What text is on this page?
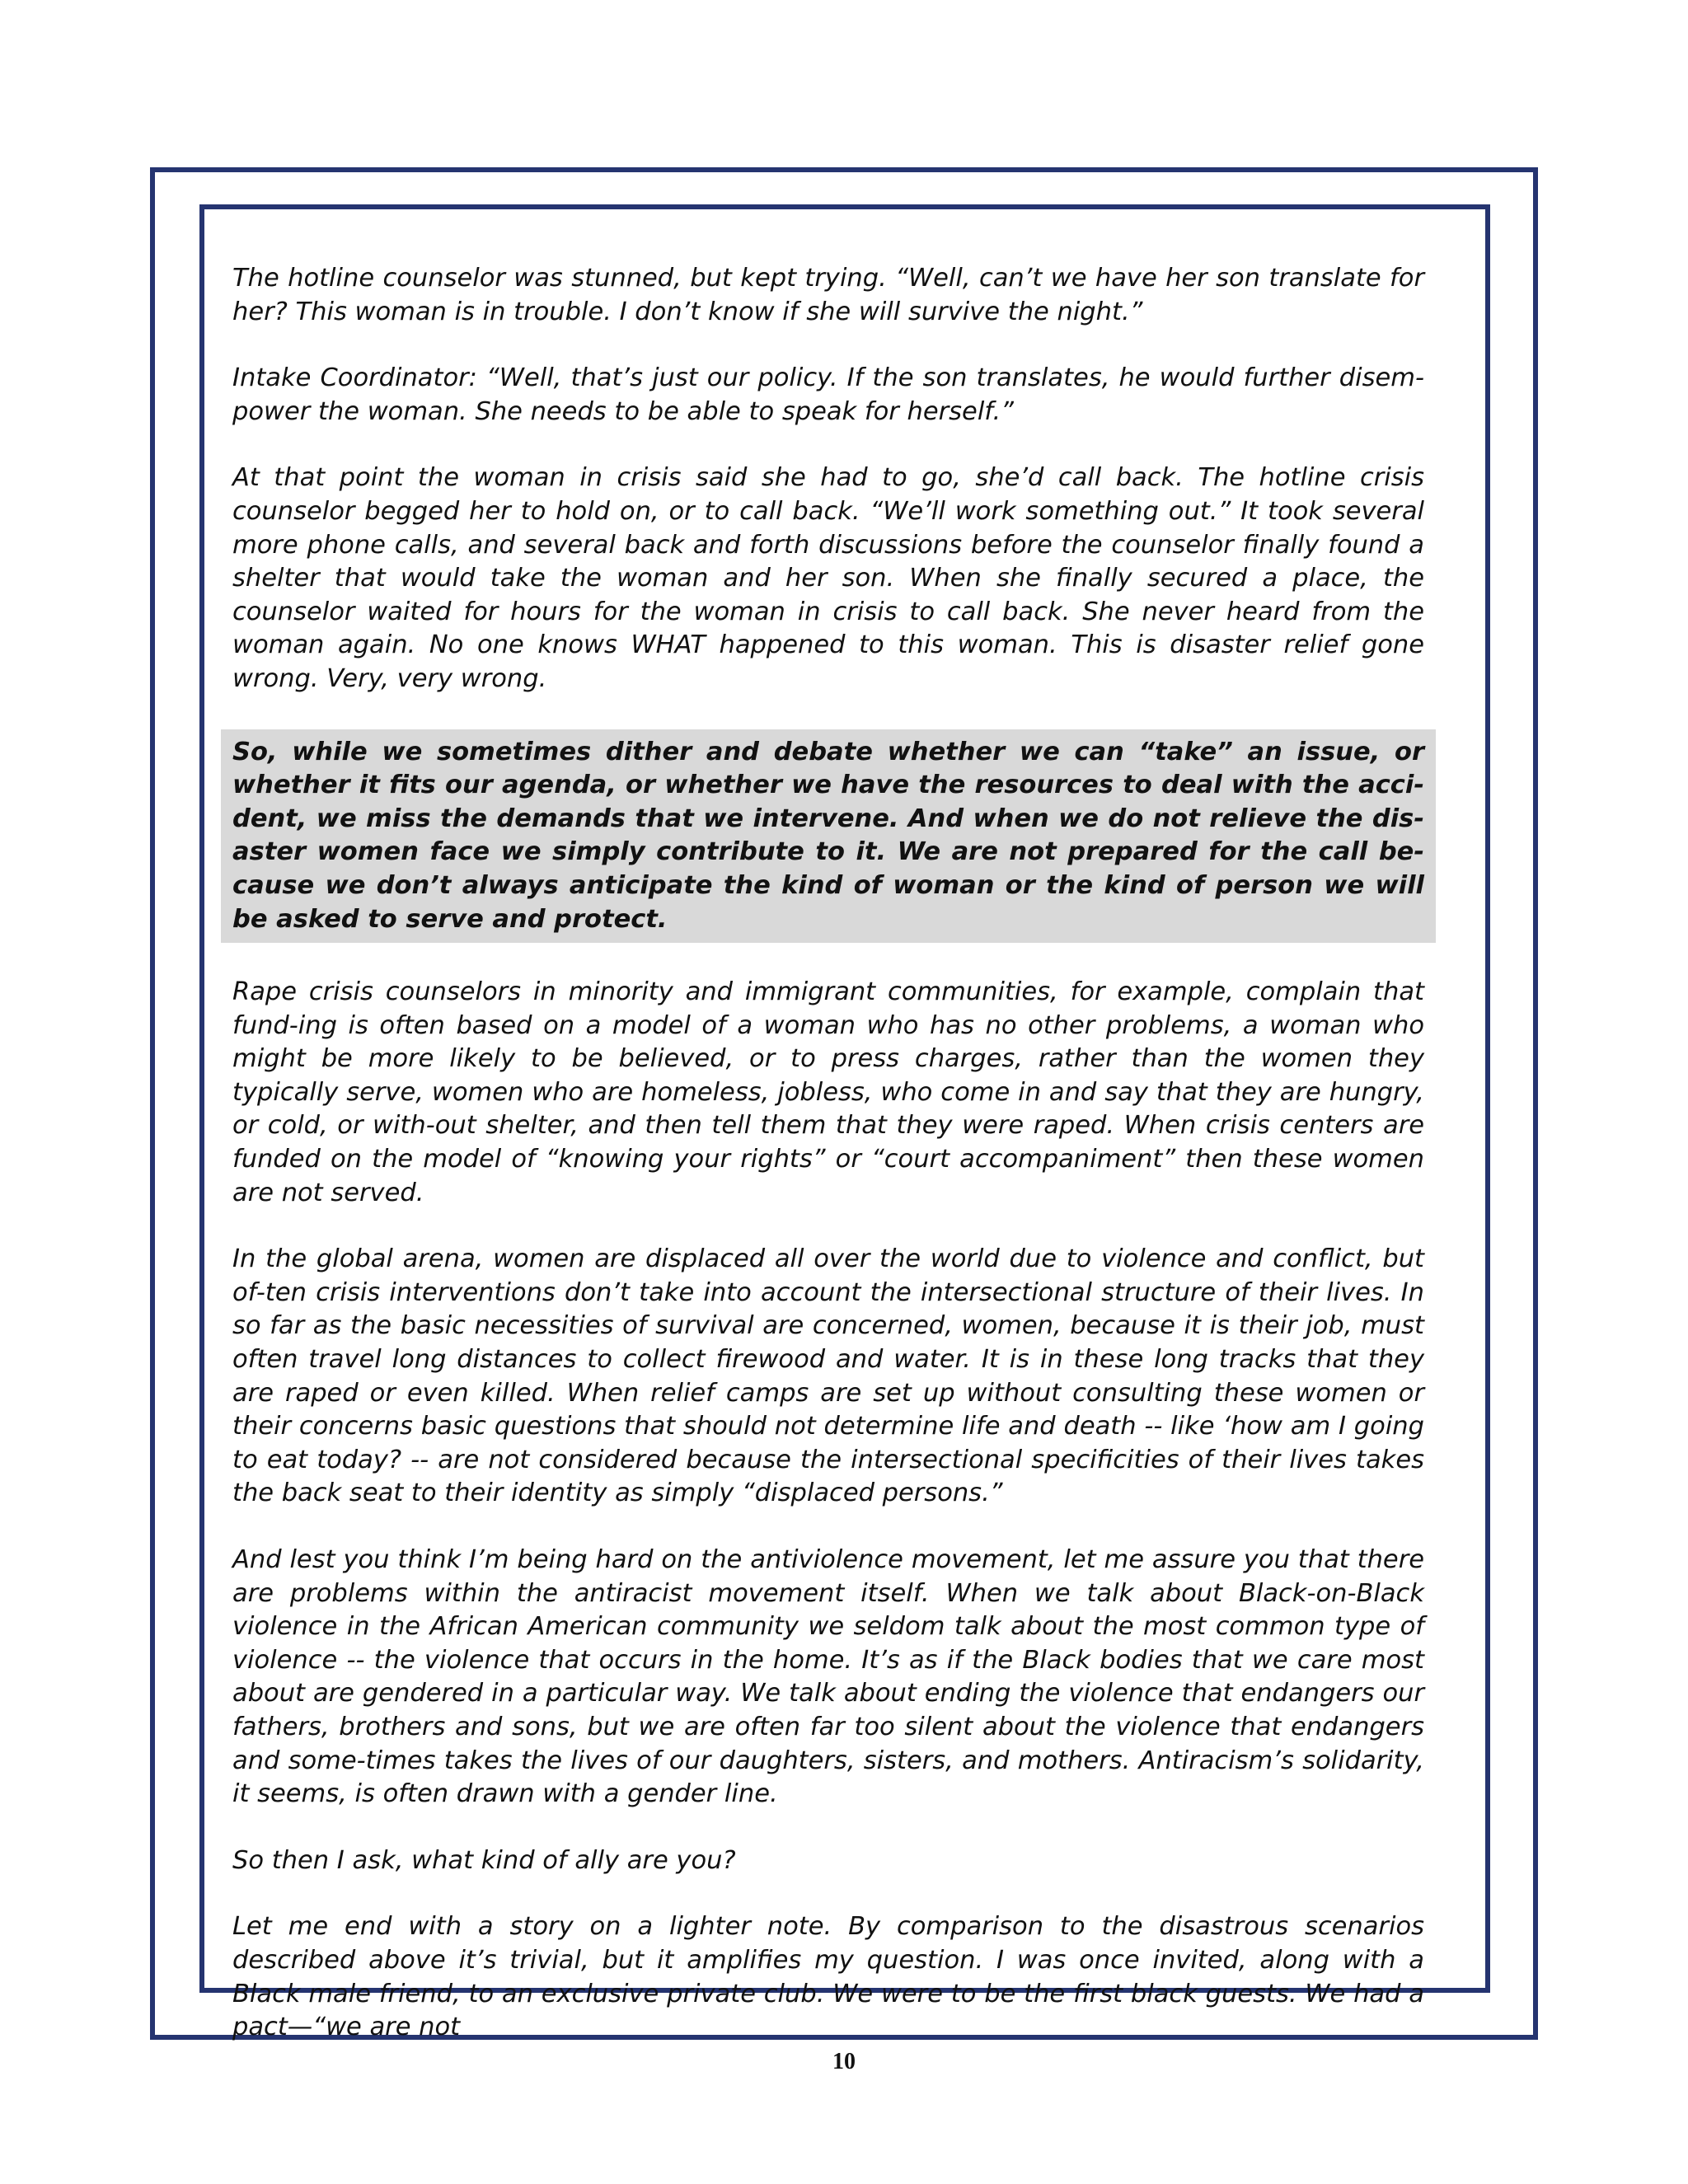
The hotline counselor was stunned, but kept trying. “Well, can’t we have her son translate for her? This woman is in trouble. I don’t know if she will survive the night.”

Intake Coordinator: “Well, that’s just our policy. If the son translates, he would further disem-power the woman. She needs to be able to speak for herself.”

At that point the woman in crisis said she had to go, she’d call back. The hotline crisis counselor begged her to hold on, or to call back. “We’ll work something out.” It took several more phone calls, and several back and forth discussions before the counselor finally found a shelter that would take the woman and her son. When she finally secured a place, the counselor waited for hours for the woman in crisis to call back. She never heard from the woman again. No one knows WHAT happened to this woman. This is disaster relief gone wrong. Very, very wrong.

So, while we sometimes dither and debate whether we can “take” an issue, or whether it fits our agenda, or whether we have the resources to deal with the acci-dent, we miss the demands that we intervene. And when we do not relieve the dis-aster women face we simply contribute to it. We are not prepared for the call be-cause we don’t always anticipate the kind of woman or the kind of person we will be asked to serve and protect.

Rape crisis counselors in minority and immigrant communities, for example, complain that fund-ing is often based on a model of a woman who has no other problems, a woman who might be more likely to be believed, or to press charges, rather than the women they typically serve, women who are homeless, jobless, who come in and say that they are hungry, or cold, or with-out shelter, and then tell them that they were raped. When crisis centers are funded on the model of “knowing your rights” or “court accompaniment” then these women are not served.

In the global arena, women are displaced all over the world due to violence and conflict, but of-ten crisis interventions don’t take into account the intersectional structure of their lives. In so far as the basic necessities of survival are concerned, women, because it is their job, must often travel long distances to collect firewood and water. It is in these long tracks that they are raped or even killed. When relief camps are set up without consulting these women or their concerns basic questions that should not determine life and death -- like ‘how am I going to eat today? -- are not considered because the intersectional specificities of their lives takes the back seat to their identity as simply “displaced persons.”

And lest you think I’m being hard on the antiviolence movement, let me assure you that there are problems within the antiracist movement itself. When we talk about Black-on-Black violence in the African American community we seldom talk about the most common type of violence -- the violence that occurs in the home. It’s as if the Black bodies that we care most about are gendered in a particular way. We talk about ending the violence that endangers our fathers, brothers and sons, but we are often far too silent about the violence that endangers and some-times takes the lives of our daughters, sisters, and mothers. Antiracism’s solidarity, it seems, is often drawn with a gender line.

So then I ask, what kind of ally are you?

Let me end with a story on a lighter note. By comparison to the disastrous scenarios described above it’s trivial, but it amplifies my question. I was once invited, along with a Black male friend, to an exclusive private club. We were to be the first black guests. We had a pact—“we are not

10
